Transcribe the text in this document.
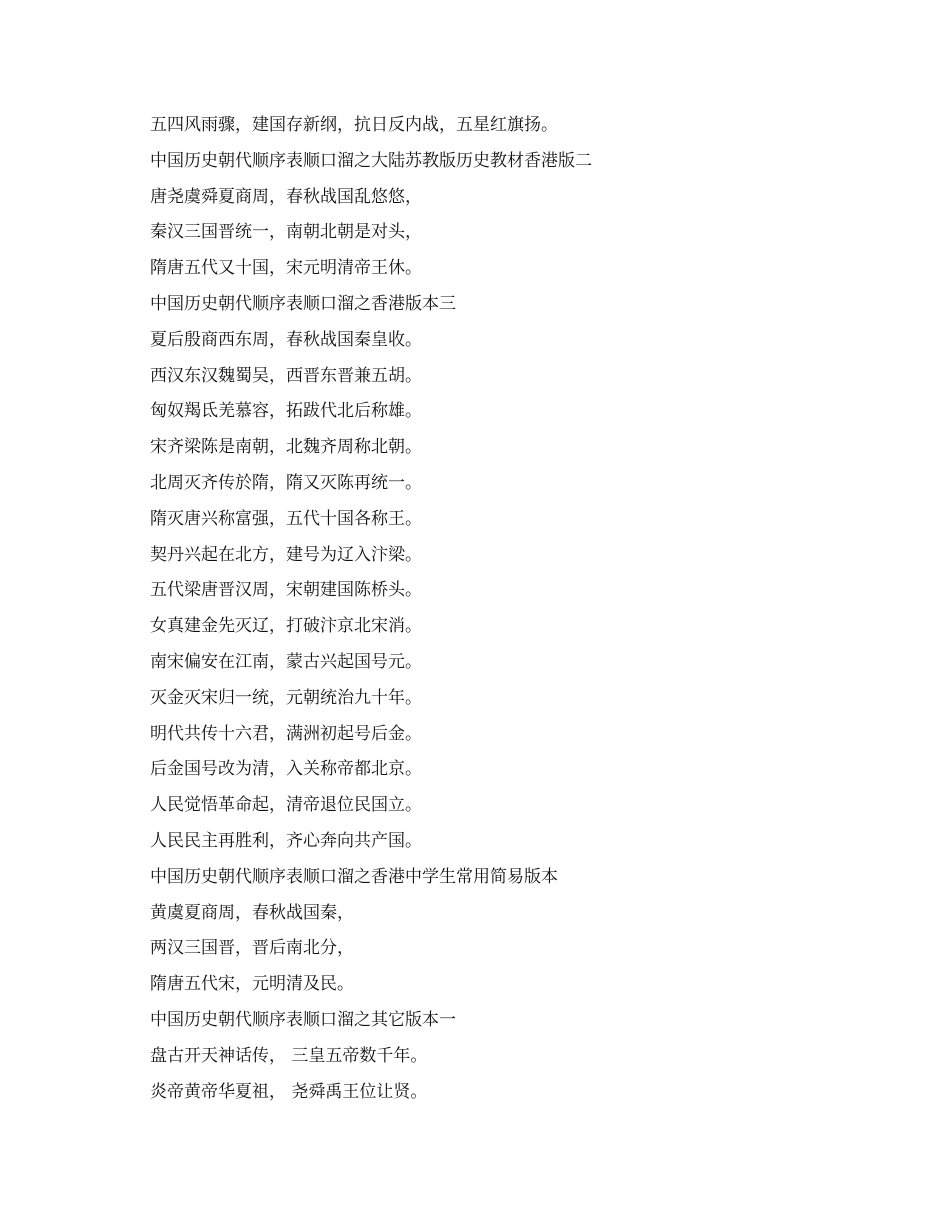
五四风雨骤，建国存新纲，抗日反内战，五星红旗扬。
中国历史朝代顺序表顺口溜之大陆苏教版历史教材香港版二
唐尧虞舜夏商周，春秋战国乱悠悠，
秦汉三国晋统一，南朝北朝是对头，
隋唐五代又十国，宋元明清帝王休。
中国历史朝代顺序表顺口溜之香港版本三
夏后殷商西东周，春秋战国秦皇收。
西汉东汉魏蜀吴，西晋东晋兼五胡。
匈奴羯氐羌慕容，拓跋代北后称雄。
宋齐梁陈是南朝，北魏齐周称北朝。
北周灭齐传於隋，隋又灭陈再统一。
隋灭唐兴称富强，五代十国各称王。
契丹兴起在北方，建号为辽入汴梁。
五代梁唐晋汉周，宋朝建国陈桥头。
女真建金先灭辽，打破汴京北宋消。
南宋偏安在江南，蒙古兴起国号元。
灭金灭宋归一统，元朝统治九十年。
明代共传十六君，满洲初起号后金。
后金国号改为清，入关称帝都北京。
人民觉悟革命起，清帝退位民国立。
人民民主再胜利，齐心奔向共产国。
中国历史朝代顺序表顺口溜之香港中学生常用简易版本
黄虞夏商周，春秋战国秦，
两汉三国晋，晋后南北分，
隋唐五代宋，元明清及民。
中国历史朝代顺序表顺口溜之其它版本一
盘古开天神话传， 三皇五帝数千年。
炎帝黄帝华夏祖， 尧舜禹王位让贤。
